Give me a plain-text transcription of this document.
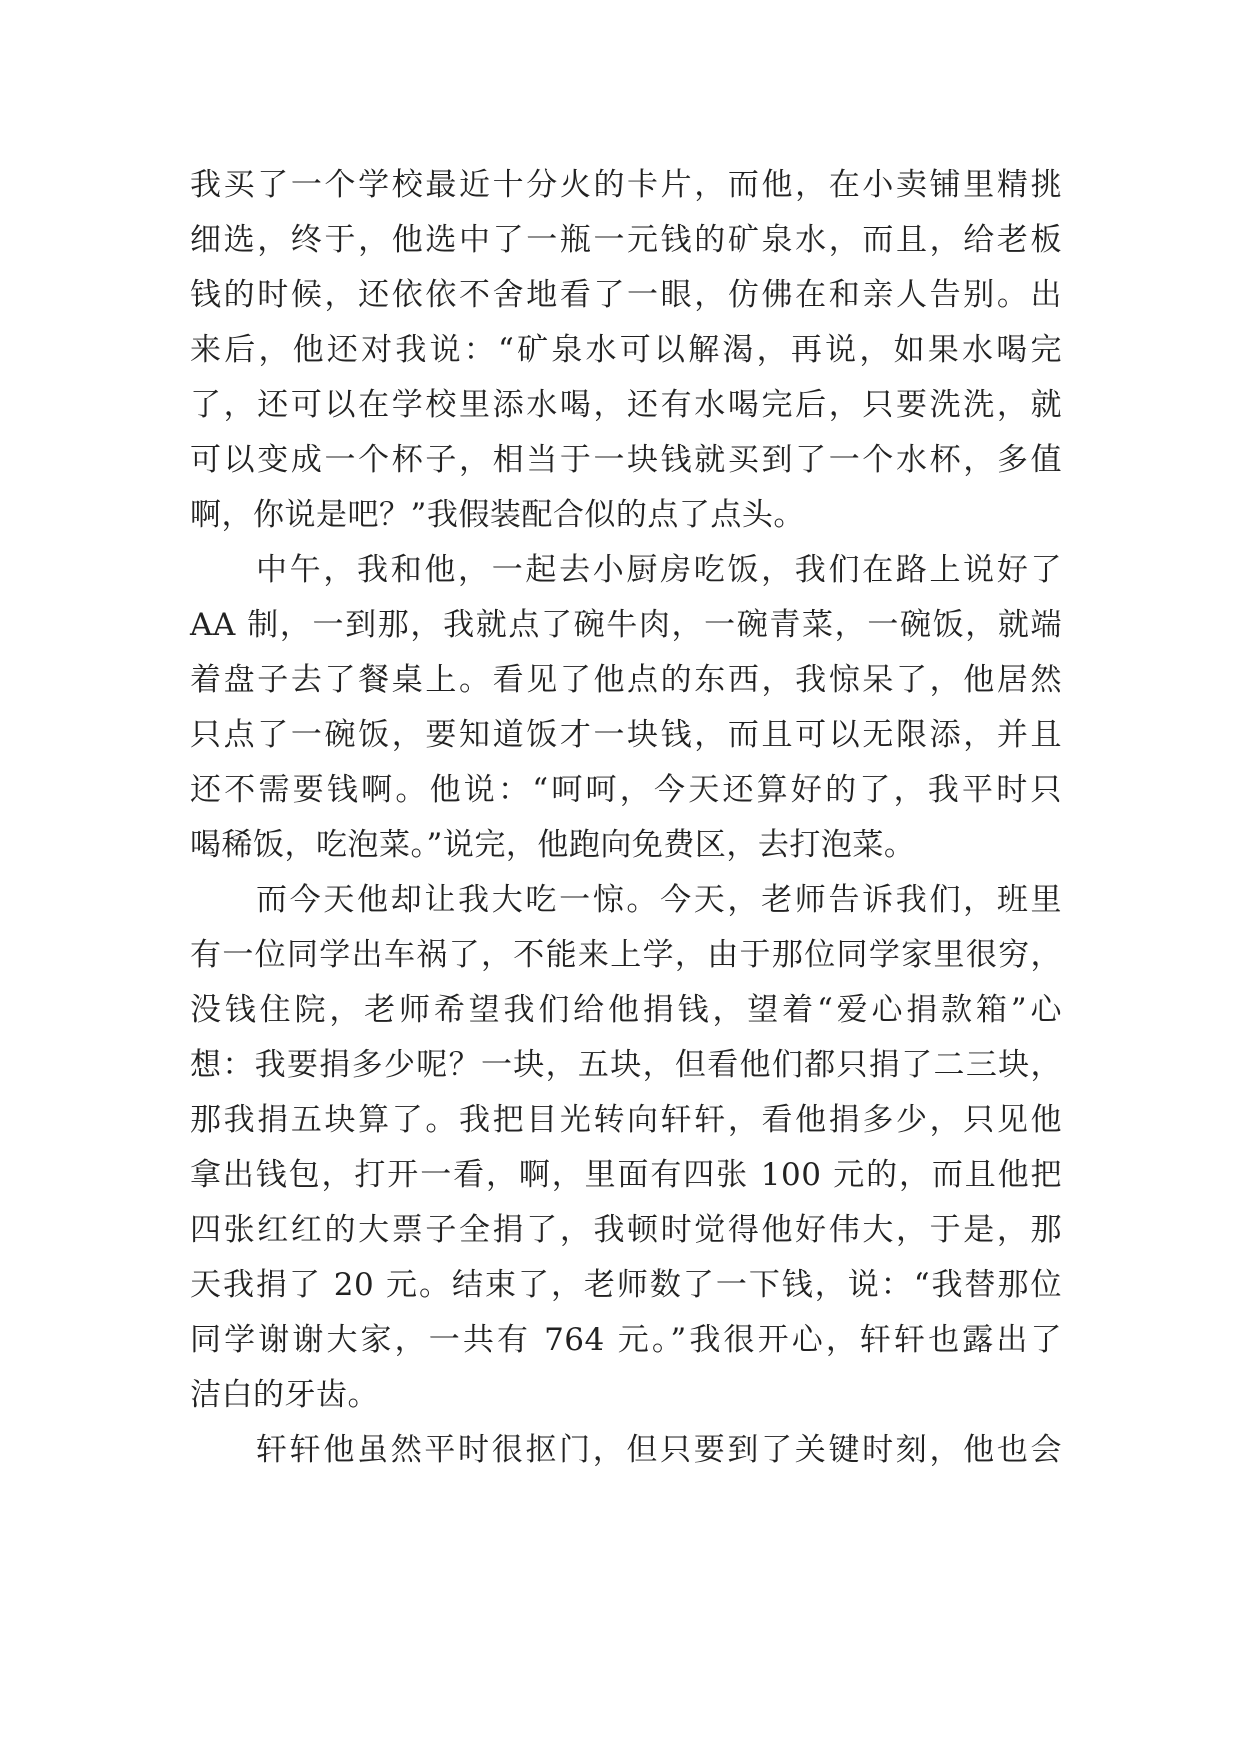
我买了一个学校最近十分火的卡片，而他，在小卖铺里精挑
细选，终于，他选中了一瓶一元钱的矿泉水，而且，给老板
钱的时候，还依依不舍地看了一眼，仿佛在和亲人告别。出
来后，他还对我说：“矿泉水可以解渴，再说，如果水喝完
了，还可以在学校里添水喝，还有水喝完后，只要洗洗，就
可以变成一个杯子，相当于一块钱就买到了一个水杯，多值
啊，你说是吧？”我假装配合似的点了点头。
中午，我和他，一起去小厨房吃饭，我们在路上说好了
AA 制，一到那，我就点了碗牛肉，一碗青菜，一碗饭，就端
着盘子去了餐桌上。看见了他点的东西，我惊呆了，他居然
只点了一碗饭，要知道饭才一块钱，而且可以无限添，并且
还不需要钱啊。他说：“呵呵，今天还算好的了，我平时只
喝稀饭，吃泡菜。”说完，他跑向免费区，去打泡菜。
而今天他却让我大吃一惊。今天，老师告诉我们，班里
有一位同学出车祸了，不能来上学，由于那位同学家里很穷，
没钱住院，老师希望我们给他捐钱，望着“爱心捐款箱”心
想：我要捐多少呢？一块，五块，但看他们都只捐了二三块，
那我捐五块算了。我把目光转向轩轩，看他捐多少，只见他
拿出钱包，打开一看，啊，里面有四张 100 元的，而且他把
四张红红的大票子全捐了，我顿时觉得他好伟大，于是，那
天我捐了 20 元。结束了，老师数了一下钱，说：“我替那位
同学谢谢大家，一共有 764 元。”我很开心，轩轩也露出了
洁白的牙齿。
轩轩他虽然平时很抠门，但只要到了关键时刻，他也会
